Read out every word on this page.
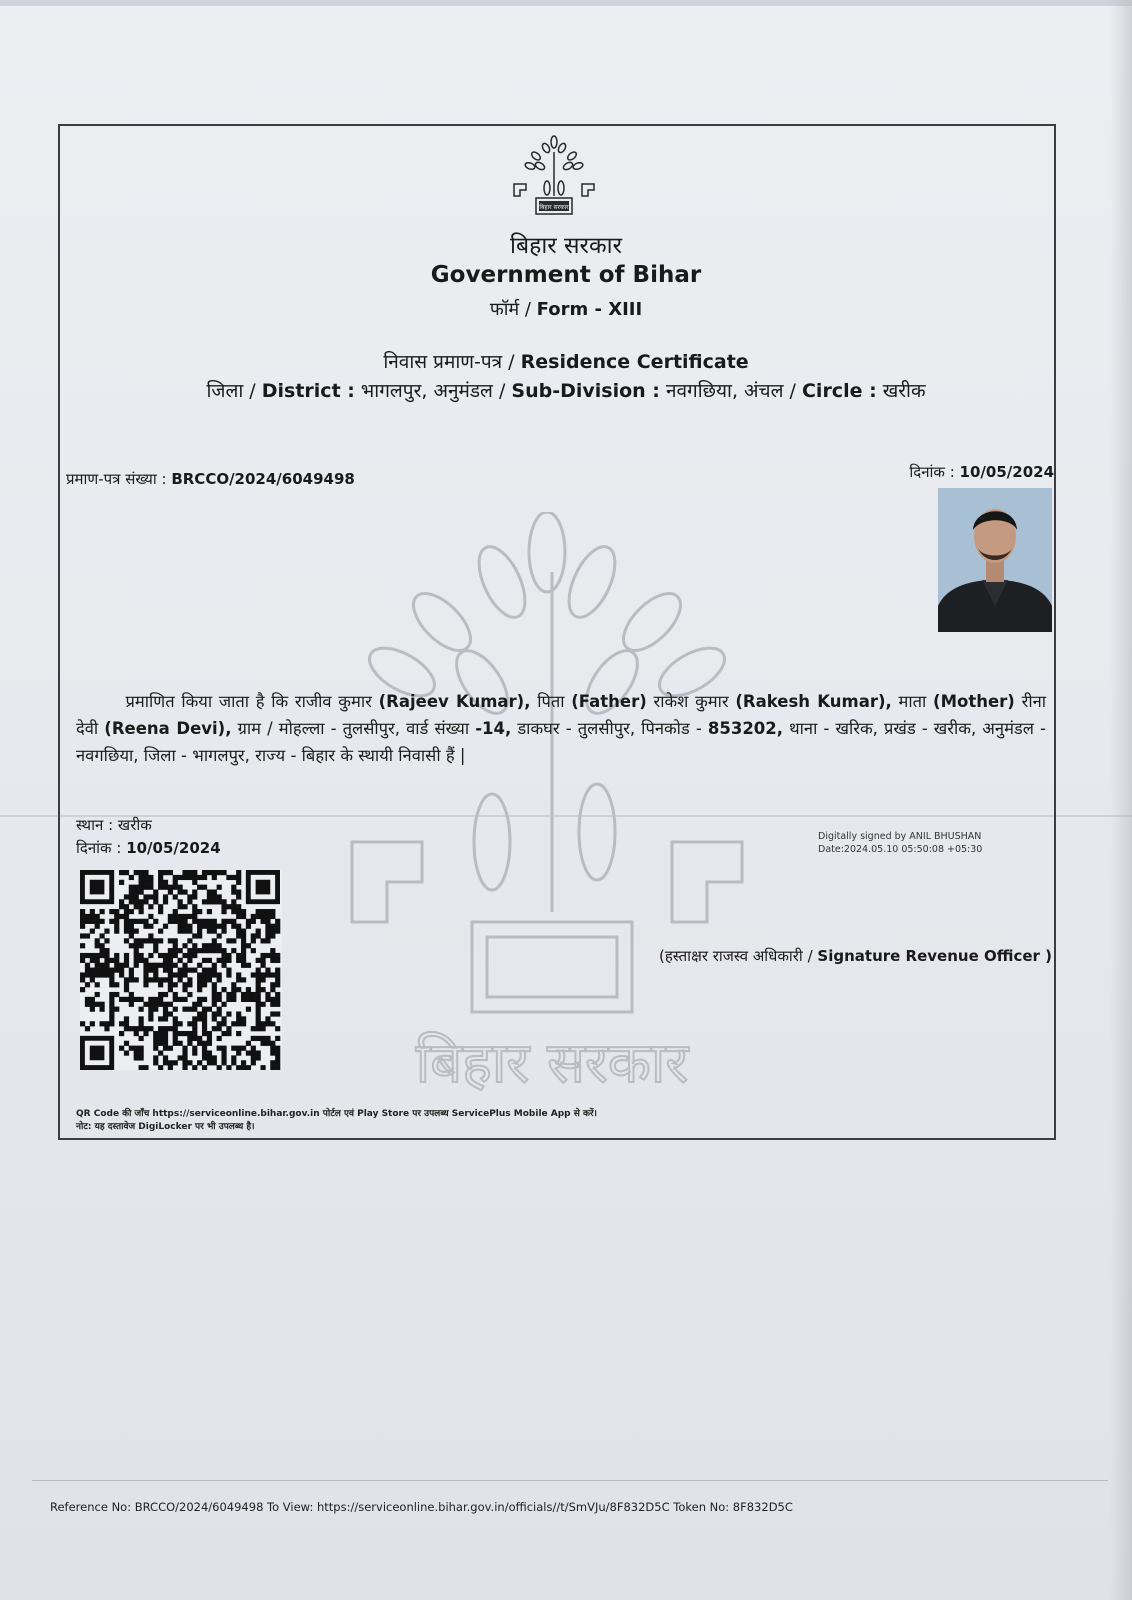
बिहार सरकार
बिहार सरकार
Government of Bihar
फॉर्म / Form - XIII
निवास प्रमाण-पत्र / Residence Certificate
जिला / District : भागलपुर, अनुमंडल / Sub-Division : नवगछिया, अंचल / Circle : खरीक
प्रमाण-पत्र संख्या : BRCCO/2024/6049498	दिनांक : 10/05/2024
बिहार सरकार
   प्रमाणित किया जाता है कि राजीव कुमार (Rajeev Kumar), पिता (Father) राकेश कुमार (Rakesh Kumar), माता (Mother) रीना देवी (Reena Devi), ग्राम / मोहल्ला - तुलसीपुर, वार्ड संख्या -14, डाकघर - तुलसीपुर, पिनकोड - 853202, थाना - खरिक, प्रखंड - खरीक, अनुमंडल - नवगछिया, जिला - भागलपुर, राज्य - बिहार के स्थायी निवासी हैं |
स्थान : खरीक
दिनांक : 10/05/2024
Digitally signed by ANIL BHUSHAN
Date:2024.05.10 05:50:08 +05:30
(हस्ताक्षर राजस्व अधिकारी / Signature Revenue Officer )
QR Code की जाँच https://serviceonline.bihar.gov.in पोर्टल एवं Play Store पर उपलब्ध ServicePlus Mobile App से करें।
नोट: यह दस्तावेज DigiLocker पर भी उपलब्ध है।
Reference No: BRCCO/2024/6049498 To View: https://serviceonline.bihar.gov.in/officials//t/SmVJu/8F832D5C Token No: 8F832D5C
